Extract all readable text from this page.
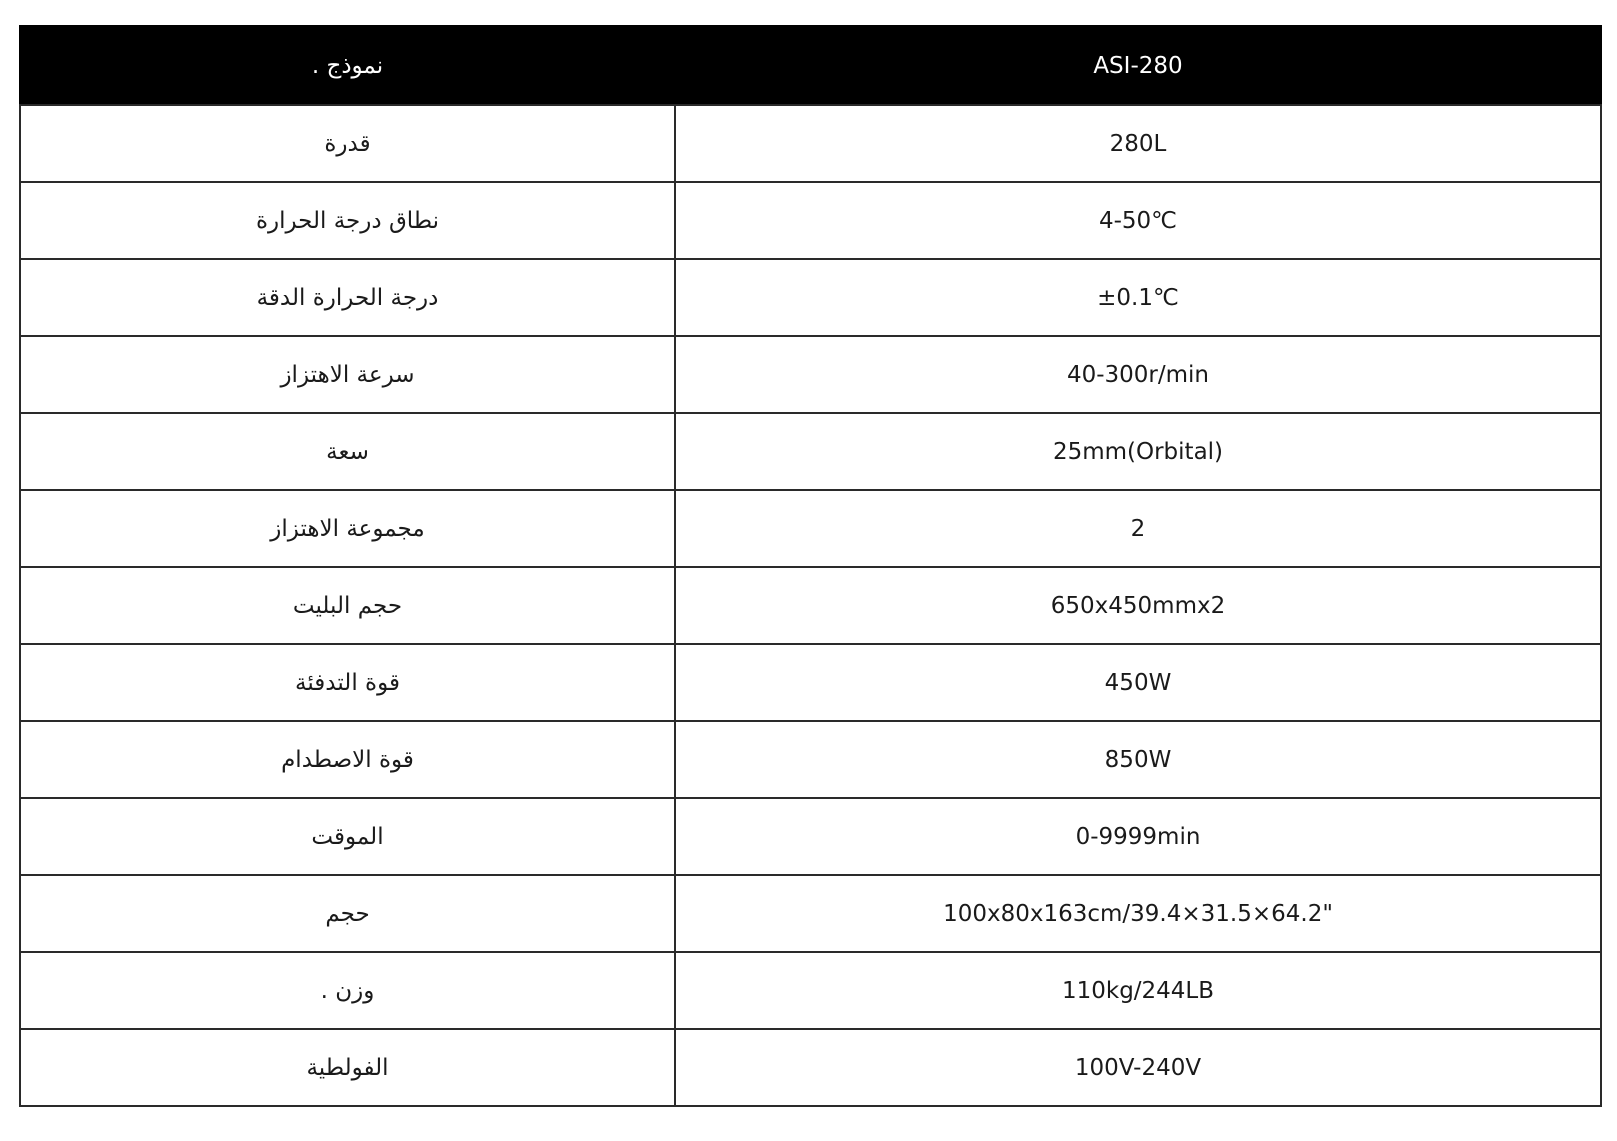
نموذج .	ASI-280
قدرة	280L
نطاق درجة الحرارة	4-50℃
درجة الحرارة الدقة	±0.1℃
سرعة الاهتزاز	40-300r/min
سعة	25mm(Orbital)
مجموعة الاهتزاز	2
حجم البليت	650x450mmx2
قوة التدفئة	450W
قوة الاصطدام	850W
الموقت	0-9999min
حجم	100x80x163cm/39.4×31.5×64.2"
وزن .	110kg/244LB
الفولطية	100V-240V
